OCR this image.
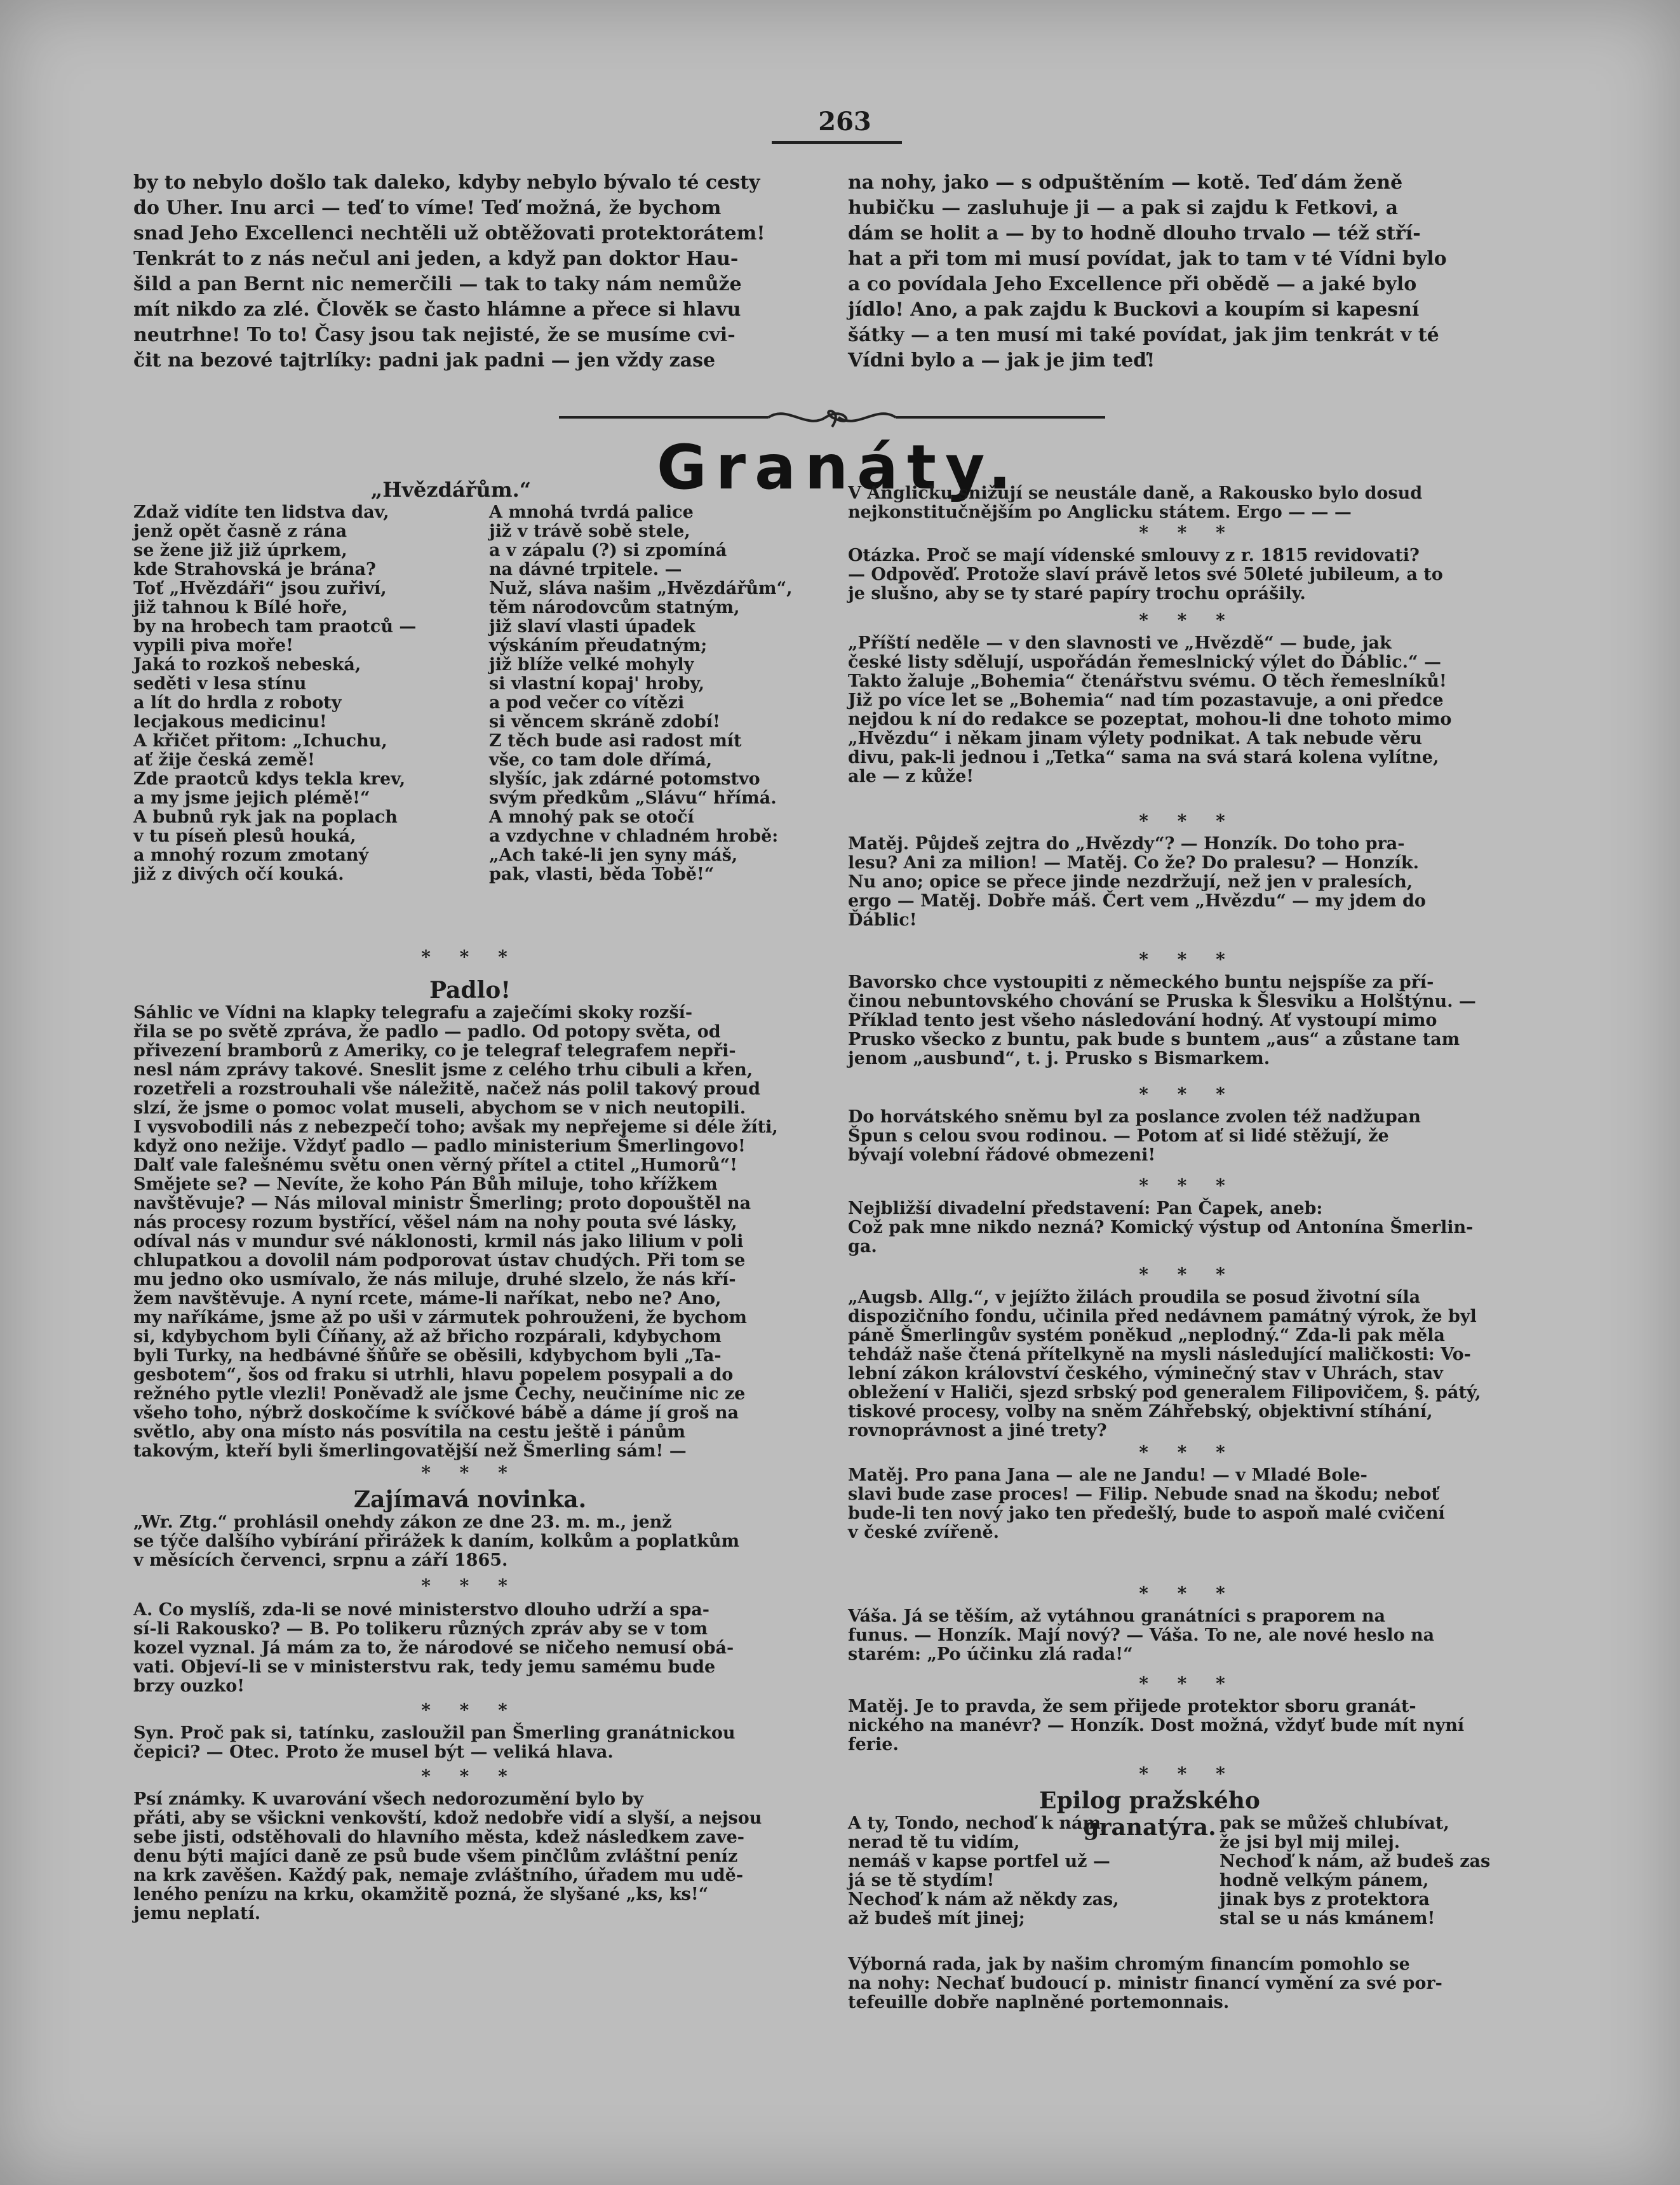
263

by to nebylo došlo tak daleko, kdyby nebylo bývalo té cesty

do Uher. Inu arci — teď to víme! Teď možná, že bychom

snad Jeho Excellenci nechtěli už obtěžovati protektorátem!

Tenkrát to z nás nečul ani jeden, a když pan doktor Hau-

šild a pan Bernt nic nemerčili — tak to taky nám nemůže

mít nikdo za zlé. Člověk se často hlámne a přece si hlavu

neutrhne! To to! Časy jsou tak nejisté, že se musíme cvi-

čit na bezové tajtrlíky: padni jak padni — jen vždy zase

na nohy, jako — s odpuštěním — kotě. Teď dám ženě

hubičku — zasluhuje ji — a pak si zajdu k Fetkovi, a

dám se holit a — by to hodně dlouho trvalo — též stří-

hat a při tom mi musí povídat, jak to tam v té Vídni bylo

a co povídala Jeho Excellence při obědě — a jaké bylo

jídlo! Ano, a pak zajdu k Buckovi a koupím si kapesní

šátky — a ten musí mi také povídat, jak jim tenkrát v té

Vídni bylo a — jak je jim teď!

Granáty.
„Hvězdářům.“

Zdaž vidíte ten lidstva dav,

jenž opět časně z rána

se žene již již úprkem,

kde Strahovská je brána?

Toť „Hvězdáři“ jsou zuřiví,

již tahnou k Bílé hoře,

by na hrobech tam praotců —

vypili piva moře!

Jaká to rozkoš nebeská,

seděti v lesa stínu

a lít do hrdla z roboty

lecjakous medicinu!

A křičet přitom: „Ichuchu,

ať žije česká země!

Zde praotců kdys tekla krev,

a my jsme jejich plémě!“

A bubnů ryk jak na poplach

v tu píseň plesů houká,

a mnohý rozum zmotaný

již z divých očí kouká.

A mnohá tvrdá palice

již v trávě sobě stele,

a v zápalu (?) si zpomíná

na dávné trpitele. —

Nuž, sláva našim „Hvězdářům“,

těm národovcům statným,

již slaví vlasti úpadek

výskáním přeudatným;

již blíže velké mohyly

si vlastní kopaj' hroby,

a pod večer co vítězi

si věncem skráně zdobí!

Z těch bude asi radost mít

vše, co tam dole dřímá,

slyšíc, jak zdárné potomstvo

svým předkům „Slávu“ hřímá.

A mnohý pak se otočí

a vzdychne v chladném hrobě:

„Ach také-li jen syny máš,

pak, vlasti, běda Tobě!“

* * *
Padlo!

Sáhlic ve Vídni na klapky telegrafu a zaječími skoky rozší-

řila se po světě zpráva, že padlo — padlo. Od potopy světa, od

přivezení bramborů z Ameriky, co je telegraf telegrafem nepři-

nesl nám zprávy takové. Sneslit jsme z celého trhu cibuli a křen,

rozetřeli a rozstrouhali vše náležitě, načež nás polil takový proud

slzí, že jsme o pomoc volat museli, abychom se v nich neutopili.

I vysvobodili nás z nebezpečí toho; avšak my nepřejeme si déle žíti,

když ono nežije. Vždyť padlo — padlo ministerium Šmerlingovo!

Dalť vale falešnému světu onen věrný přítel a ctitel „Humorů“!

Smějete se? — Nevíte, že koho Pán Bůh miluje, toho křížkem

navštěvuje? — Nás miloval ministr Šmerling; proto dopouštěl na

nás procesy rozum bystřící, věšel nám na nohy pouta své lásky,

odíval nás v mundur své náklonosti, krmil nás jako lilium v poli

chlupatkou a dovolil nám podporovat ústav chudých. Při tom se

mu jedno oko usmívalo, že nás miluje, druhé slzelo, že nás kří-

žem navštěvuje. A nyní rcete, máme-li naříkat, nebo ne? Ano,

my naříkáme, jsme až po uši v zármutek pohrouženi, že bychom

si, kdybychom byli Číňany, až až břicho rozpárali, kdybychom

byli Turky, na hedbávné šňůře se oběsili, kdybychom byli „Ta-

gesbotem“, šos od fraku si utrhli, hlavu popelem posypali a do

režného pytle vlezli! Poněvadž ale jsme Čechy, neučiníme nic ze

všeho toho, nýbrž doskočíme k svíčkové bábě a dáme jí groš na

světlo, aby ona místo nás posvítila na cestu ještě i pánům

takovým, kteří byli šmerlingovatější než Šmerling sám! —

* * *
Zajímavá novinka.

„Wr. Ztg.“ prohlásil onehdy zákon ze dne 23. m. m., jenž

se týče dalšího vybírání přirážek k daním, kolkům a poplatkům

v měsících červenci, srpnu a září 1865.

* * *

A. Co myslíš, zda-li se nové ministerstvo dlouho udrží a spa-

sí-li Rakousko? — B. Po tolikeru různých zpráv aby se v tom

kozel vyznal. Já mám za to, že národové se ničeho nemusí obá-

vati. Objeví-li se v ministerstvu rak, tedy jemu samému bude

brzy ouzko!

* * *

Syn. Proč pak si, tatínku, zasloužil pan Šmerling granátnickou

čepici? — Otec. Proto že musel být — veliká hlava.

* * *

Psí známky. K uvarování všech nedorozumění bylo by

přáti, aby se všickni venkovští, kdož nedobře vidí a slyší, a nejsou

sebe jisti, odstěhovali do hlavního města, kdež následkem zave-

denu býti majíci daně ze psů bude všem pinčlům zvláštní peníz

na krk zavěšen. Každý pak, nemaje zvláštního, úřadem mu udě-

leného penízu na krku, okamžitě pozná, že slyšané „ks, ks!“

jemu neplatí.

V Anglicku snižují se neustále daně, a Rakousko bylo dosud

nejkonstitučnějším po Anglicku státem. Ergo — — —

* * *

Otázka. Proč se mají vídenské smlouvy z r. 1815 revidovati?

— Odpověď. Protože slaví právě letos své 50leté jubileum, a to

je slušno, aby se ty staré papíry trochu oprášily.

* * *

„Příští neděle — v den slavnosti ve „Hvězdě“ — bude, jak

české listy sdělují, uspořádán řemeslnický výlet do Ďáblic.“ —

Takto žaluje „Bohemia“ čtenářstvu svému. O těch řemeslníků!

Již po více let se „Bohemia“ nad tím pozastavuje, a oni předce

nejdou k ní do redakce se pozeptat, mohou-li dne tohoto mimo

„Hvězdu“ i někam jinam výlety podnikat. A tak nebude věru

divu, pak-li jednou i „Tetka“ sama na svá stará kolena vylítne,

ale — z kůže!

* * *

Matěj. Půjdeš zejtra do „Hvězdy“? — Honzík. Do toho pra-

lesu? Ani za milion! — Matěj. Co že? Do pralesu? — Honzík.

Nu ano; opice se přece jinde nezdržují, než jen v pralesích,

ergo — Matěj. Dobře máš. Čert vem „Hvězdu“ — my jdem do

Ďáblic!

* * *

Bavorsko chce vystoupiti z německého buntu nejspíše za pří-

činou nebuntovského chování se Pruska k Šlesviku a Holštýnu. —

Příklad tento jest všeho následování hodný. Ať vystoupí mimo

Prusko všecko z buntu, pak bude s buntem „aus“ a zůstane tam

jenom „ausbund“, t. j. Prusko s Bismarkem.

* * *

Do horvátského sněmu byl za poslance zvolen též nadžupan

Špun s celou svou rodinou. — Potom ať si lidé stěžují, že

bývají volební řádové obmezeni!

* * *

Nejbližší divadelní představení: Pan Čapek, aneb:

Což pak mne nikdo nezná? Komický výstup od Antonína Šmerlin-

ga.

* * *

„Augsb. Allg.“, v jejížto žilách proudila se posud životní síla

dispozičního fondu, učinila před nedávnem památný výrok, že byl

páně Šmerlingův systém poněkud „neplodný.“ Zda-li pak měla

tehdáž naše čtená přítelkyně na mysli následující maličkosti: Vo-

lební zákon království českého, výminečný stav v Uhrách, stav

obležení v Haliči, sjezd srbský pod generalem Filipovičem, §. pátý,

tiskové procesy, volby na sněm Záhřebský, objektivní stíhání,

rovnoprávnost a jiné trety?

* * *

Matěj. Pro pana Jana — ale ne Jandu! — v Mladé Bole-

slavi bude zase proces! — Filip. Nebude snad na škodu; neboť

bude-li ten nový jako ten předešlý, bude to aspoň malé cvičení

v české zvířeně.

* * *

Váša. Já se těším, až vytáhnou granátníci s praporem na

funus. — Honzík. Mají nový? — Váša. To ne, ale nové heslo na

starém: „Po účinku zlá rada!“

* * *

Matěj. Je to pravda, že sem přijede protektor sboru granát-

nického na manévr? — Honzík. Dost možná, vždyť bude mít nyní

ferie.

* * *
Epilog pražského granatýra.

A ty, Tondo, nechoď k nám,

nerad tě tu vidím,

nemáš v kapse portfel už —

já se tě stydím!

Nechoď k nám až někdy zas,

až budeš mít jinej;

pak se můžeš chlubívat,

že jsi byl mij milej.

Nechoď k nám, až budeš zas

hodně velkým pánem,

jinak bys z protektora

stal se u nás kmánem!

Výborná rada, jak by našim chromým financím pomohlo se

na nohy: Nechať budoucí p. ministr financí vymění za své por-

tefeuille dobře naplněné portemonnais.
